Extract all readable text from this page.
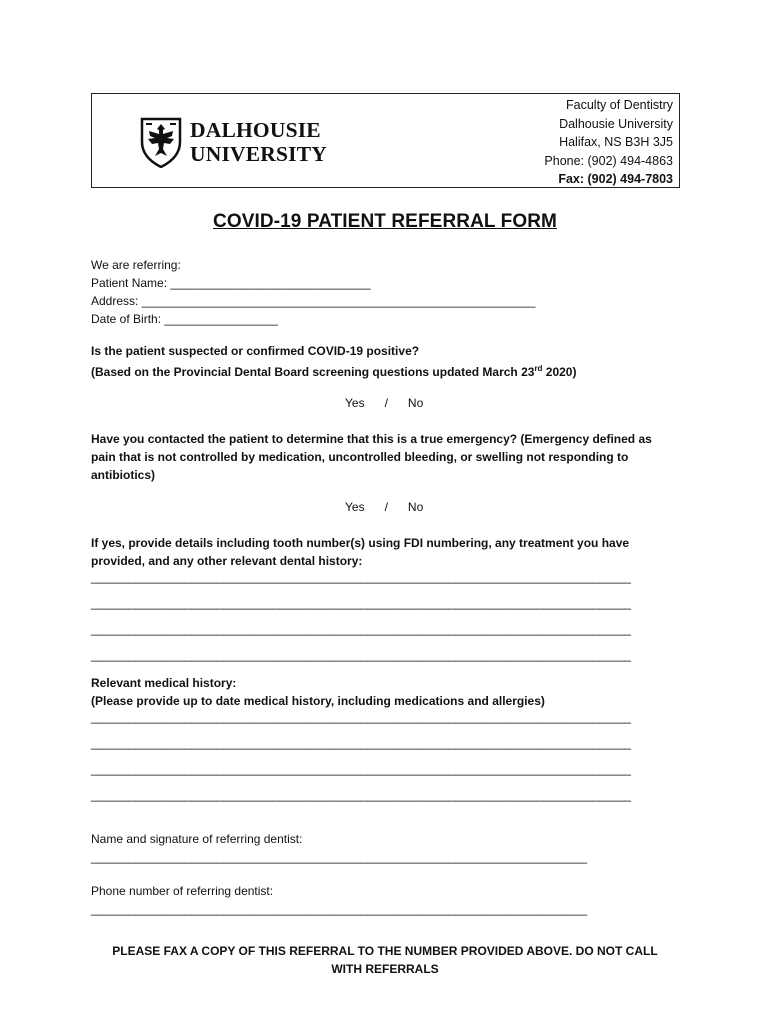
DALHOUSIE
UNIVERSITY
Faculty of Dentistry
Dalhousie University
Halifax, NS B3H 3J5
Phone: (902) 494-4863
Fax: (902) 494-7803
COVID-19 PATIENT REFERRAL FORM
We are referring:
Patient Name: ______________________________
Address: ___________________________________________________________
Date of Birth: _________________
Is the patient suspected or confirmed COVID-19 positive?
(Based on the Provincial Dental Board screening questions updated March 23rd 2020)
Yes      /      No
Have you contacted the patient to determine that this is a true emergency? (Emergency defined as pain that is not controlled by medication, uncontrolled bleeding, or swelling not responding to antibiotics)
Yes      /      No
If yes, provide details including tooth number(s) using FDI numbering, any treatment you have provided, and any other relevant dental history:
______________________________________________________________________________________
______________________________________________________________________________________
______________________________________________________________________________________
______________________________________________________________________________________
Relevant medical history:
(Please provide up to date medical history, including medications and allergies)
______________________________________________________________________________________
______________________________________________________________________________________
______________________________________________________________________________________
______________________________________________________________________________________
Name and signature of referring dentist:
_______________________________________________________________________________
Phone number of referring dentist:
_______________________________________________________________________________
PLEASE FAX A COPY OF THIS REFERRAL TO THE NUMBER PROVIDED ABOVE. DO NOT CALL WITH REFERRALS
